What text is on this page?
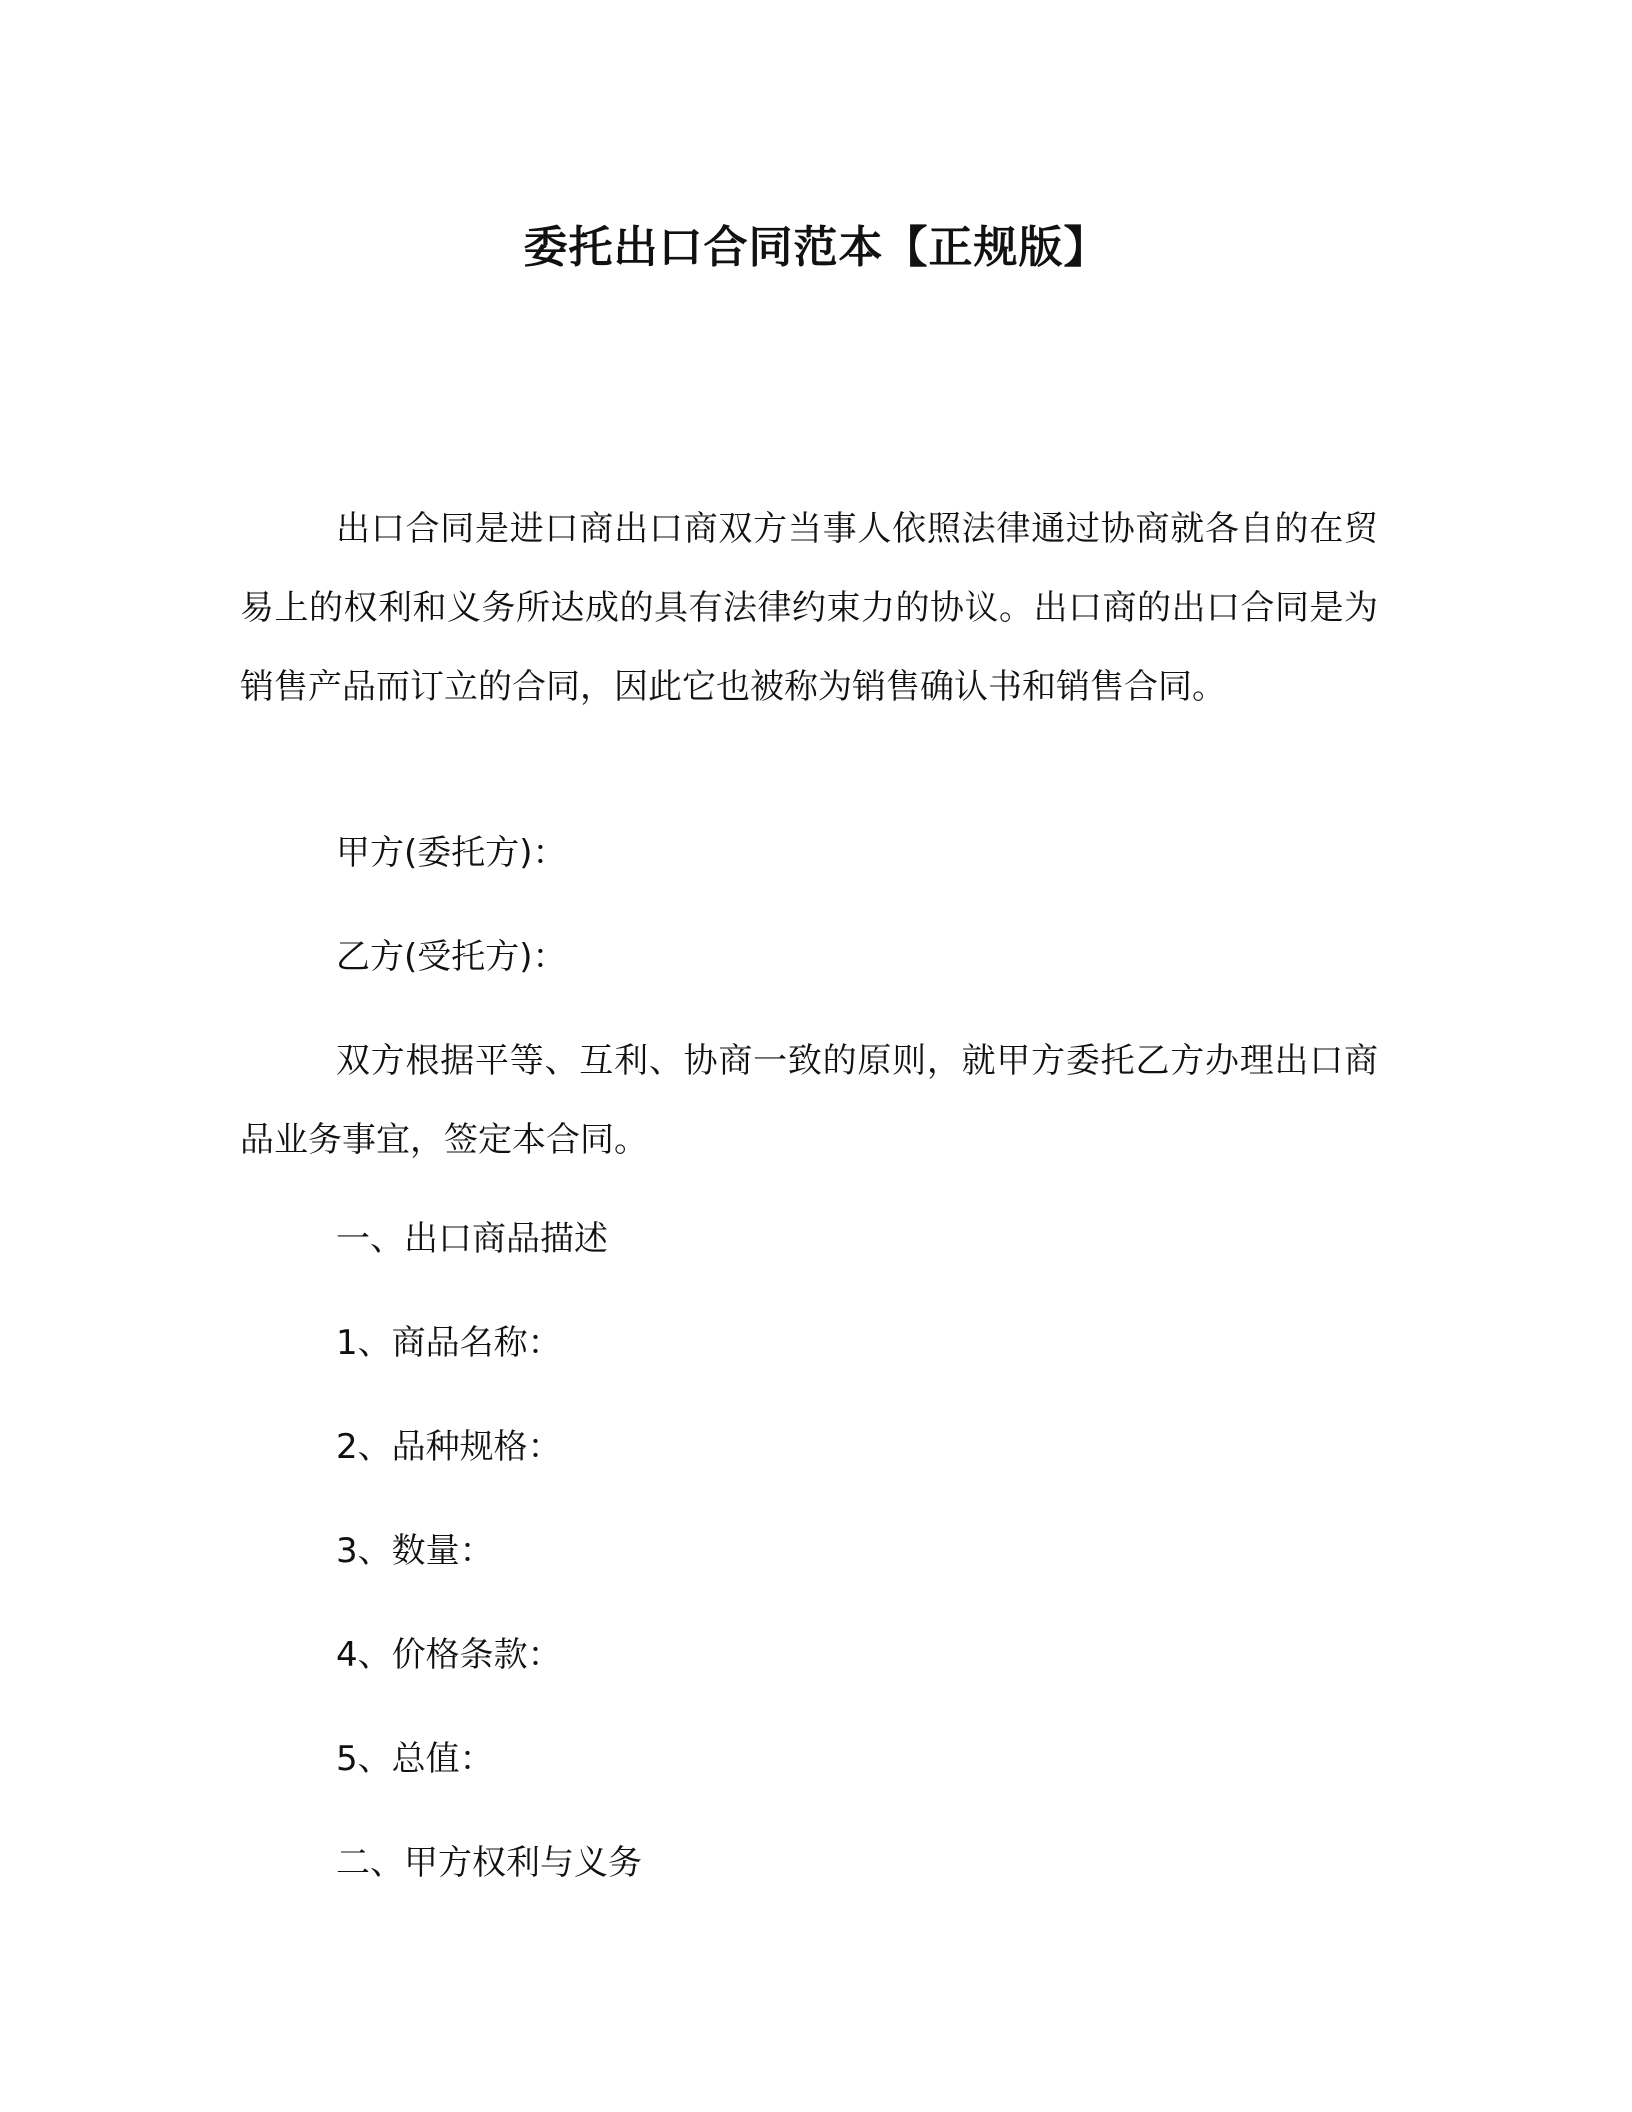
委托出口合同范本【正规版】

出口合同是进口商出口商双方当事人依照法律通过协商就各自的在贸易上的权利和义务所达成的具有法律约束力的协议。出口商的出口合同是为销售产品而订立的合同，因此它也被称为销售确认书和销售合同。

甲方(委托方)：

乙方(受托方)：

双方根据平等、互利、协商一致的原则，就甲方委托乙方办理出口商品业务事宜，签定本合同。

一、出口商品描述

1、商品名称：

2、品种规格：

3、数量：

4、价格条款：

5、总值：

二、甲方权利与义务
